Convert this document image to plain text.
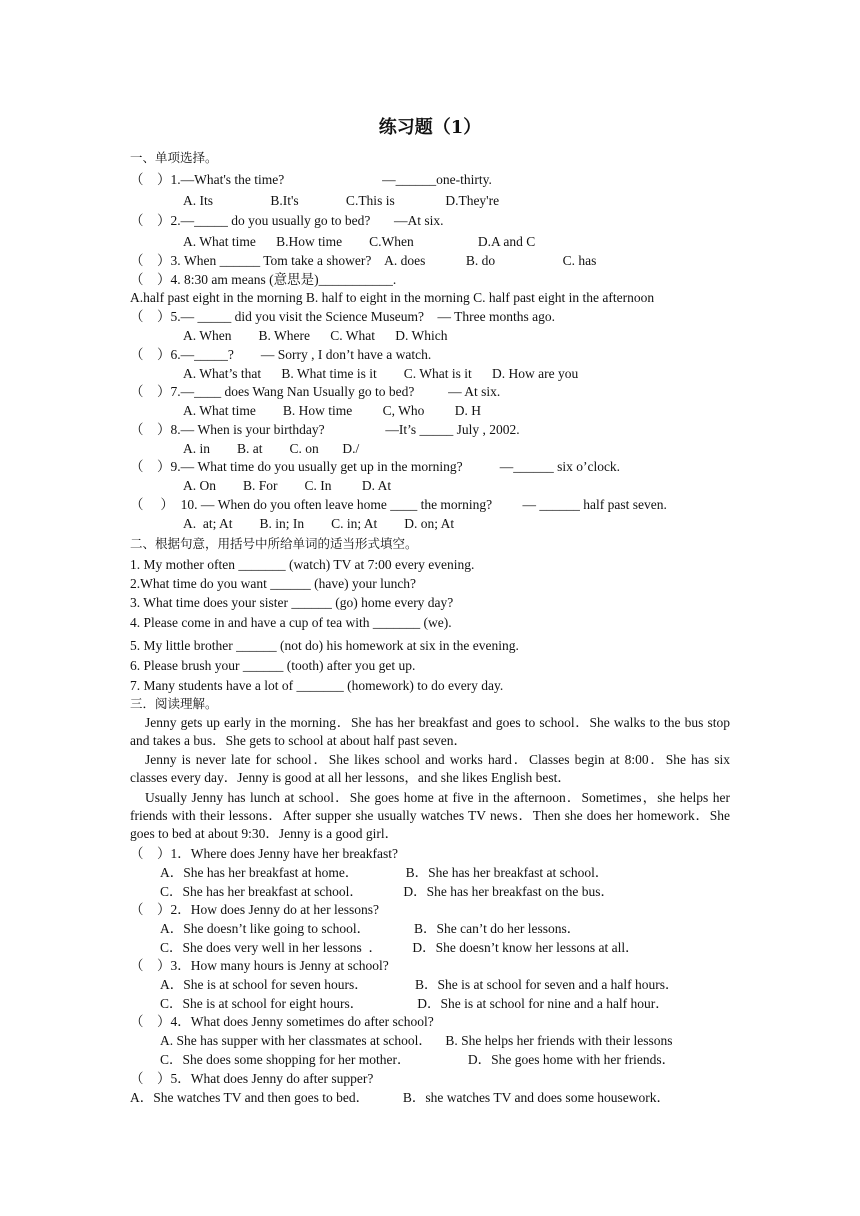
练习题（1）
一、单项选择。
（    ）1.—What's the time?                             —______one-thirty.
A. Its                 B.It's              C.This is               D.They're
（    ）2.—_____ do you usually go to bed?       —At six.
A. What time      B.How time        C.When                   D.A and C
（    ）3. When ______ Tom take a shower?    A. does            B. do                    C. has
（    ）4. 8:30 am means (意思是)___________.
A.half past eight in the morning B. half to eight in the morning C. half past eight in the afternoon
（    ）5.— _____ did you visit the Science Museum?    — Three months ago.
A. When        B. Where      C. What      D. Which
（    ）6.—_____?        — Sorry , I don’t have a watch.
A. What’s that      B. What time is it        C. What is it      D. How are you
（    ）7.—____ does Wang Nan Usually go to bed?          — At six.
A. What time        B. How time         C, Who         D. H
（    ）8.— When is your birthday?                  —It’s _____ July , 2002.
A. in        B. at        C. on       D./
（    ）9.— What time do you usually get up in the morning?           —______ six o’clock.
A. On        B. For        C. In         D. At
（     ）  10. — When do you often leave home ____ the morning?         — ______ half past seven.
A.  at; At        B. in; In        C. in; At        D. on; At
二、根据句意，用括号中所给单词的适当形式填空。
1. My mother often _______ (watch) TV at 7:00 every evening.
2.What time do you want ______ (have) your lunch?
3. What time does your sister ______ (go) home every day?
4. Please come in and have a cup of tea with _______ (we).
5. My little brother ______ (not do) his homework at six in the evening.
6. Please brush your ______ (tooth) after you get up.
7. Many students have a lot of _______ (homework) to do every day.
三．阅读理解。
Jenny gets up early in the morning．She has her breakfast and goes to school．She walks to the bus stop and takes a bus．She gets to school at about half past seven．
Jenny is never late for school．She likes school and works hard．Classes begin at 8:00．She has six classes every day．Jenny is good at all her lessons，and she likes English best．
Usually Jenny has lunch at school．She goes home at five in the afternoon．Sometimes，she helps her friends with their lessons．After supper she usually watches TV news．Then she does her homework．She goes to bed at about 9:30．Jenny is a good girl．
（    ）1．Where does Jenny have her breakfast?
A．She has her breakfast at home．              B．She has her breakfast at school．
C．She has her breakfast at school．            D．She has her breakfast on the bus．
（    ）2．How does Jenny do at her lessons?
A．She doesn’t like going to school．             B．She can’t do her lessons．
C．She does very well in her lessons  ．         D．She doesn’t know her lessons at all．
（    ）3．How many hours is Jenny at school?
A．She is at school for seven hours．              B．She is at school for seven and a half hours．
C．She is at school for eight hours．                D．She is at school for nine and a half hour．
（    ）4．What does Jenny sometimes do after school?
A. She has supper with her classmates at school．    B. She helps her friends with their lessons
C．She does some shopping for her mother．                 D．She goes home with her friends．
（    ）5．What does Jenny do after supper?
A．She watches TV and then goes to bed．          B．she watches TV and does some housework．
